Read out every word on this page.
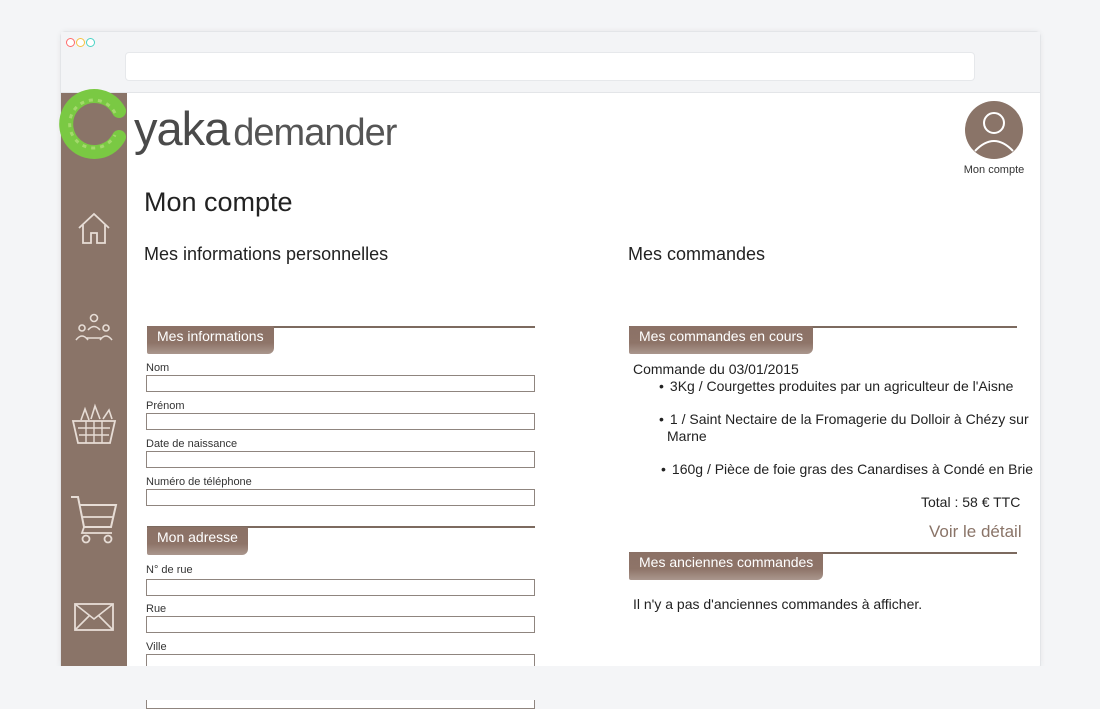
yaka demander
Mon compte
Mon compte
Mes informations personnelles	Mes commandes
Mes informations
Nom
Prénom
Date de naissance
Numéro de téléphone
Mon adresse
N° de rue
Rue
Ville
Mes commandes en cours
Commande du 03/01/2015
• 3Kg / Courgettes produites par un agriculteur de l'Aisne
• 1 / Saint Nectaire de la Fromagerie du Dolloir à Chézy sur
Marne
• 160g / Pièce de foie gras des Canardises à Condé en Brie
Total : 58 € TTC
Voir le détail
Mes anciennes commandes
Il n'y a pas d'anciennes commandes à afficher.
